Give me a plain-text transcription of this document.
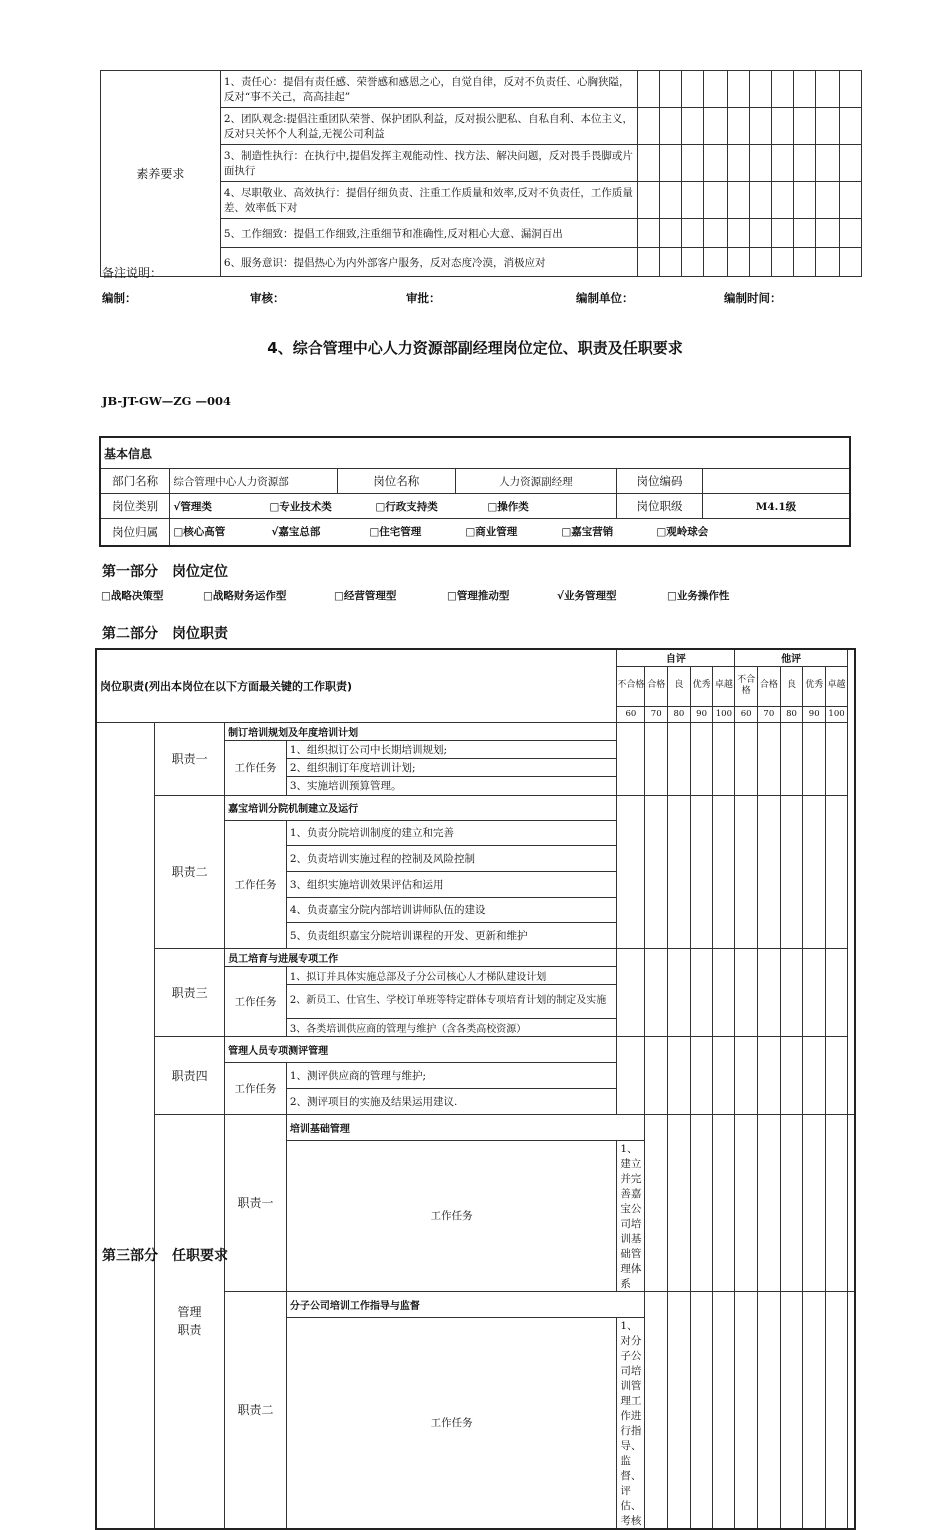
素养要求	1、责任心：提倡有责任感、荣誉感和感恩之心，自觉自律，反对不负责任、心胸狭隘，反对“事不关己，高高挂起”										
	2、团队观念:提倡注重团队荣誉、保护团队利益，反对损公肥私、自私自利、本位主义，反对只关怀个人利益,无视公司利益										
	3、制造性执行：在执行中,提倡发挥主观能动性、找方法、解决问题，反对畏手畏脚或片面执行										
	4、尽职敬业、高效执行：提倡仔细负责、注重工作质量和效率,反对不负责任，工作质量差、效率低下对										
	5、工作细致：提倡工作细致,注重细节和准确性,反对粗心大意、漏洞百出										
	6、服务意识：提倡热心为内外部客户服务，反对态度冷漠，消极应对										
备注说明：
编制：	审核：	审批：	编制单位：	编制时间：
4、综合管理中心人力资源部副经理岗位定位、职责及任职要求
JB-JT-GW—ZG —004
基本信息					
部门名称	综合管理中心人力资源部	岗位名称	人力资源副经理	岗位编码	
岗位类别	√管理类 □专业技术类 □行政支持类 □操作类			岗位职级	M4.1级
岗位归属	□核心高管 √嘉宝总部 □住宅管理 □商业管理 □嘉宝营销 □观岭球会				
第一部分　岗位定位
□战略决策型	□战略财务运作型	□经营管理型	□管理推动型	√业务管理型	□业务操作性
第二部分　岗位职责
岗位职责(列出本岗位在以下方面最关键的工作职责)				自评					他评					
				不合格	合格	良	优秀	卓越	不合格	合格	良	优秀	卓越	
				60	70	80	90	100	60	70	80	90	100	
	职责一	制订培训规划及年度培训计划												
		工作任务	1、组织拟订公司中长期培训规划;											
			2、组织制订年度培训计划;											
			3、实施培训预算管理。											
	职责二	嘉宝培训分院机制建立及运行												
		工作任务	1、负责分院培训制度的建立和完善											
			2、负责培训实施过程的控制及风险控制											
			3、组织实施培训效果评估和运用											
			4、负责嘉宝分院内部培训讲师队伍的建设											
			5、负责组织嘉宝分院培训课程的开发、更新和维护											
	职责三	员工培育与进展专项工作												
		工作任务	1、拟订并具体实施总部及子分公司核心人才梯队建设计划											
			2、新员工、仕官生、学校订单班等特定群体专项培育计划的制定及实施											
			3、各类培训供应商的管理与维护（含各类高校资源）											
	职责四	管理人员专项测评管理												
		工作任务	1、测评供应商的管理与维护;											
			2、测评项目的实施及结果运用建议.											
	管理职责	职责一	培训基础管理											
			工作任务	1、建立并完善嘉宝公司培训基础管理体系										
		职责二	分子公司培训工作指导与监督											
			工作任务	1、对分子公司培训管理工作进行指导、监督、评估、考核										
第三部分　任职要求
